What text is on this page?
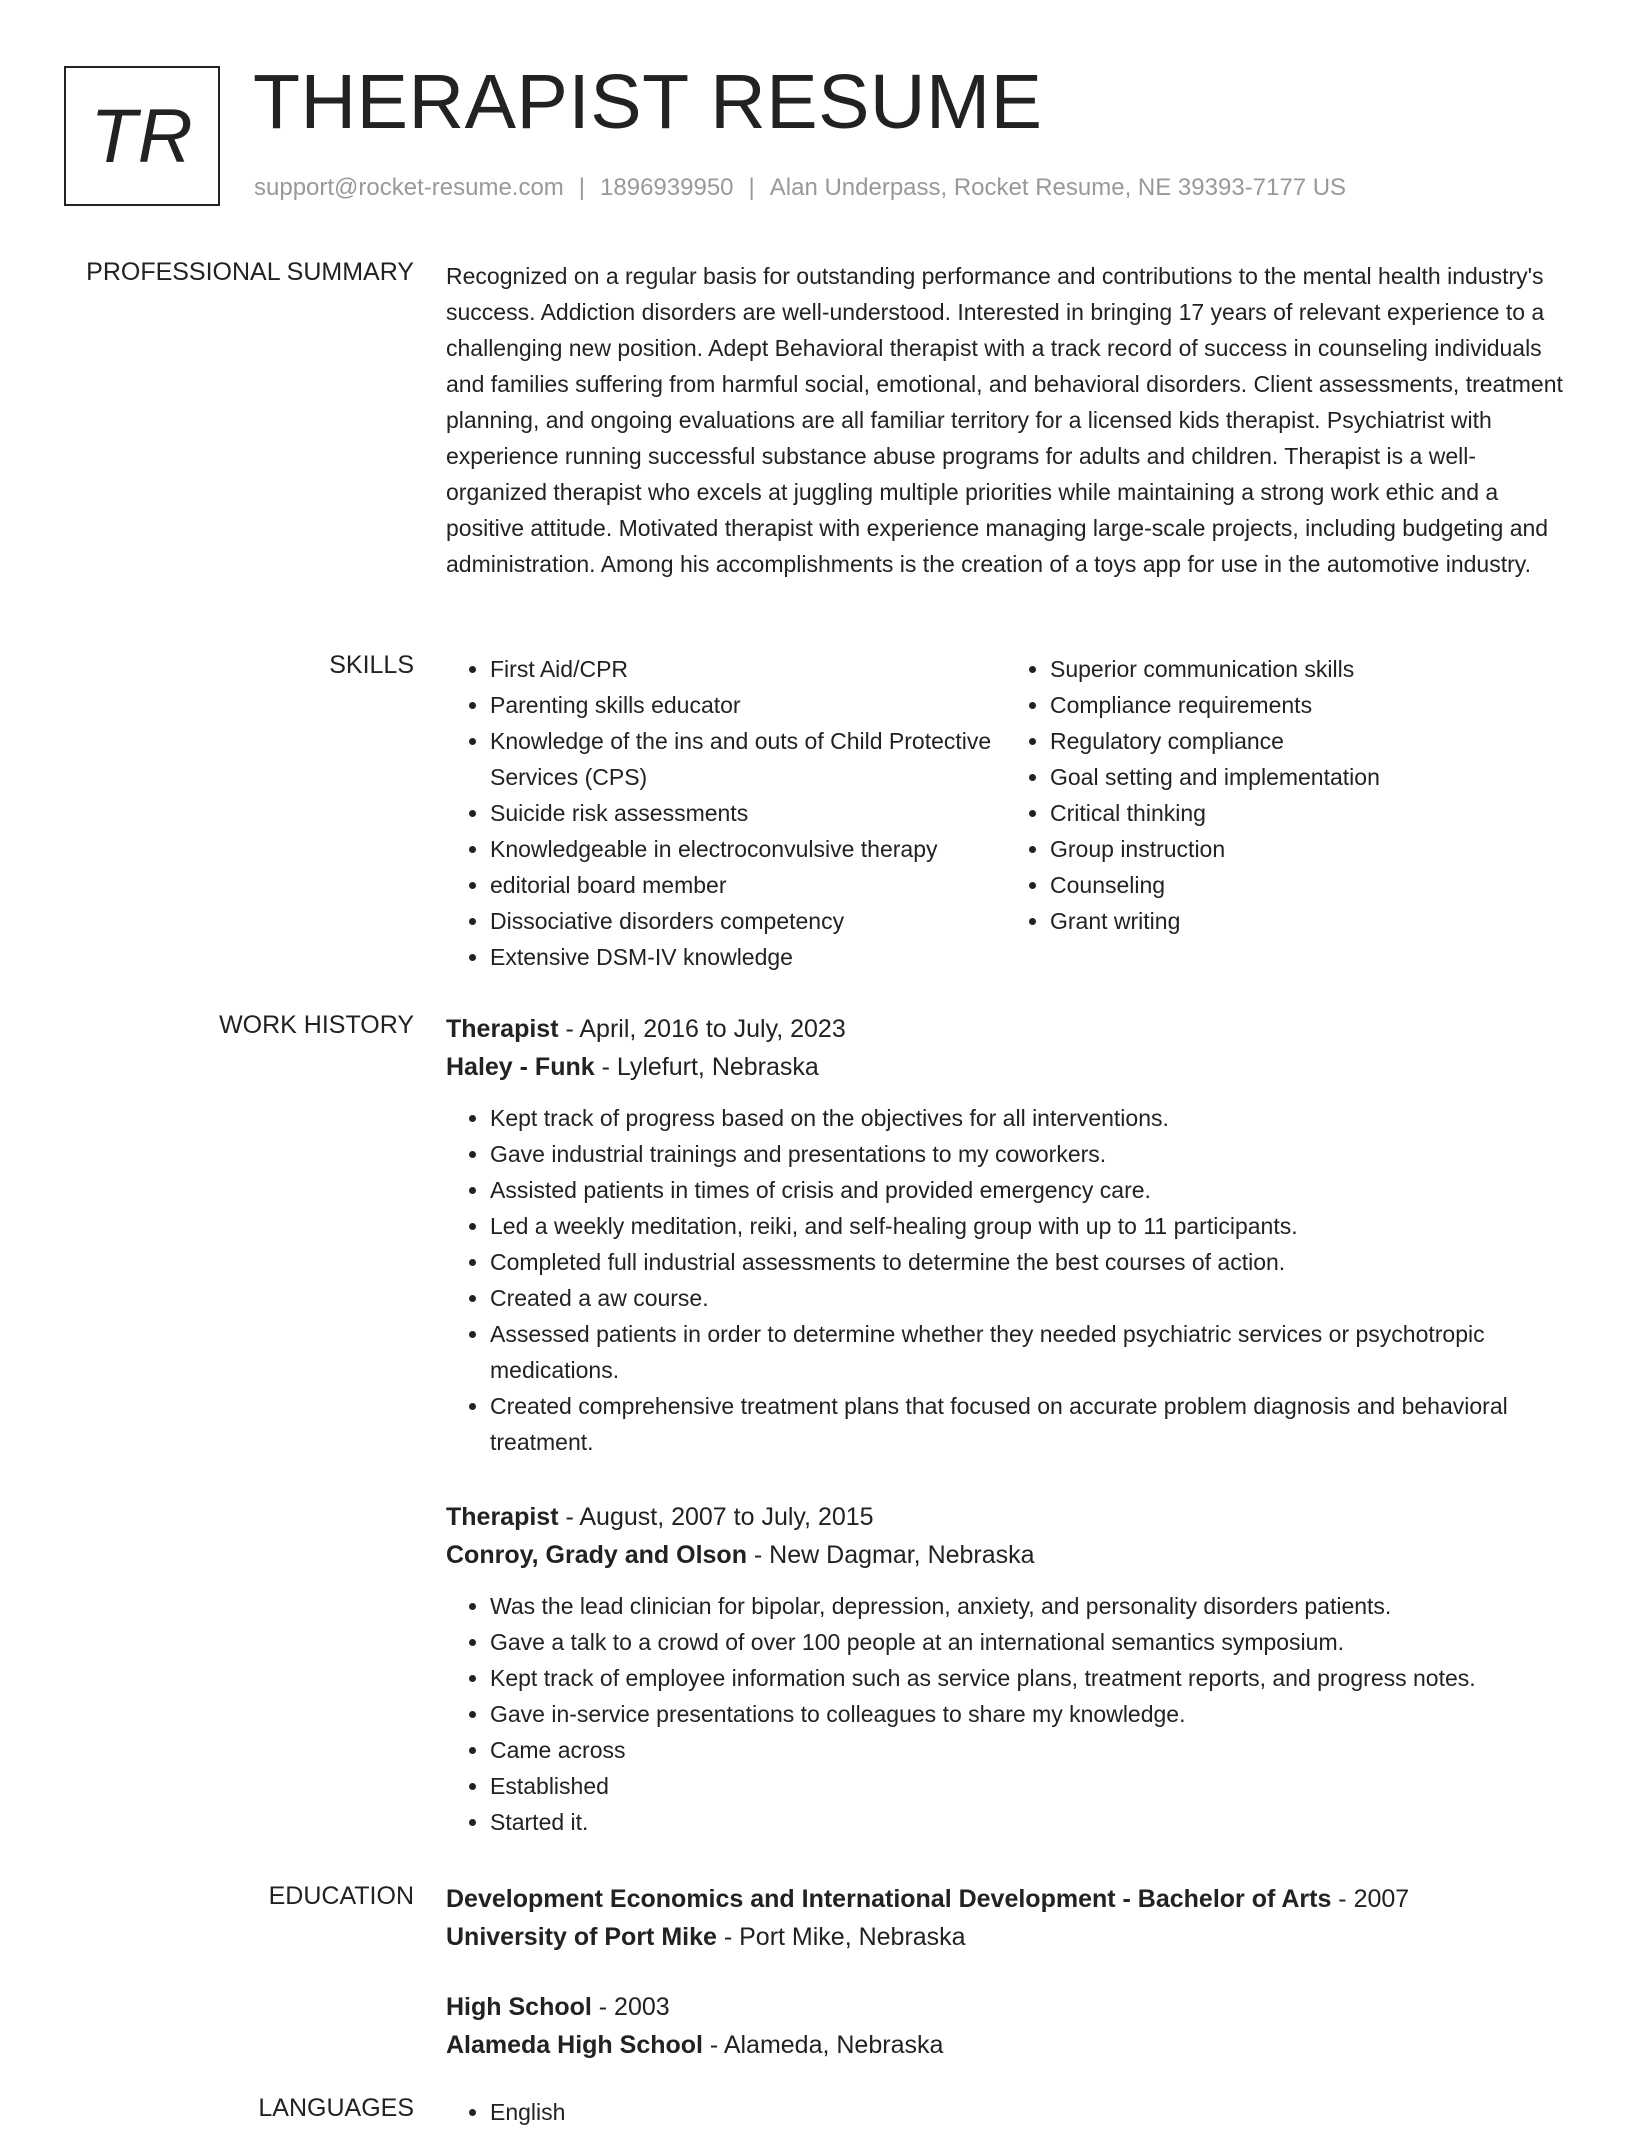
TR THERAPIST RESUME
support@rocket-resume.com | 1896939950 | Alan Underpass, Rocket Resume, NE 39393-7177 US
PROFESSIONAL SUMMARY Recognized on a regular basis for outstanding performance and contributions to the mental health industry's success. Addiction disorders are well-understood. Interested in bringing 17 years of relevant experience to a challenging new position. Adept Behavioral therapist with a track record of success in counseling individuals and families suffering from harmful social, emotional, and behavioral disorders. Client assessments, treatment planning, and ongoing evaluations are all familiar territory for a licensed kids therapist. Psychiatrist with experience running successful substance abuse programs for adults and children. Therapist is a well-organized therapist who excels at juggling multiple priorities while maintaining a strong work ethic and a positive attitude. Motivated therapist with experience managing large-scale projects, including budgeting and administration. Among his accomplishments is the creation of a toys app for use in the automotive industry.

SKILLS	• First Aid/CPR
• Parenting skills educator
• Knowledge of the ins and outs of Child Protective Services (CPS)
• Suicide risk assessments
• Knowledgeable in electroconvulsive therapy
• editorial board member
• Dissociative disorders competency
• Extensive DSM-IV knowledge
• Superior communication skills
• Compliance requirements
• Regulatory compliance
• Goal setting and implementation
• Critical thinking
• Group instruction
• Counseling
• Grant writing
WORK HISTORY Therapist - April, 2016 to July, 2023
Haley - Funk - Lylefurt, Nebraska
• Kept track of progress based on the objectives for all interventions.
• Gave industrial trainings and presentations to my coworkers.
• Assisted patients in times of crisis and provided emergency care.
• Led a weekly meditation, reiki, and self-healing group with up to 11 participants.
• Completed full industrial assessments to determine the best courses of action.
• Created a aw course.
• Assessed patients in order to determine whether they needed psychiatric services or psychotropic medications.
• Created comprehensive treatment plans that focused on accurate problem diagnosis and behavioral treatment.
Therapist - August, 2007 to July, 2015
Conroy, Grady and Olson - New Dagmar, Nebraska
• Was the lead clinician for bipolar, depression, anxiety, and personality disorders patients.
• Gave a talk to a crowd of over 100 people at an international semantics symposium.
• Kept track of employee information such as service plans, treatment reports, and progress notes.
• Gave in-service presentations to colleagues to share my knowledge.
• Came across
• Established
• Started it.
EDUCATION Development Economics and International Development - Bachelor of Arts - 2007
University of Port Mike - Port Mike, Nebraska
High School - 2003
Alameda High School - Alameda, Nebraska
LANGUAGES	• English
